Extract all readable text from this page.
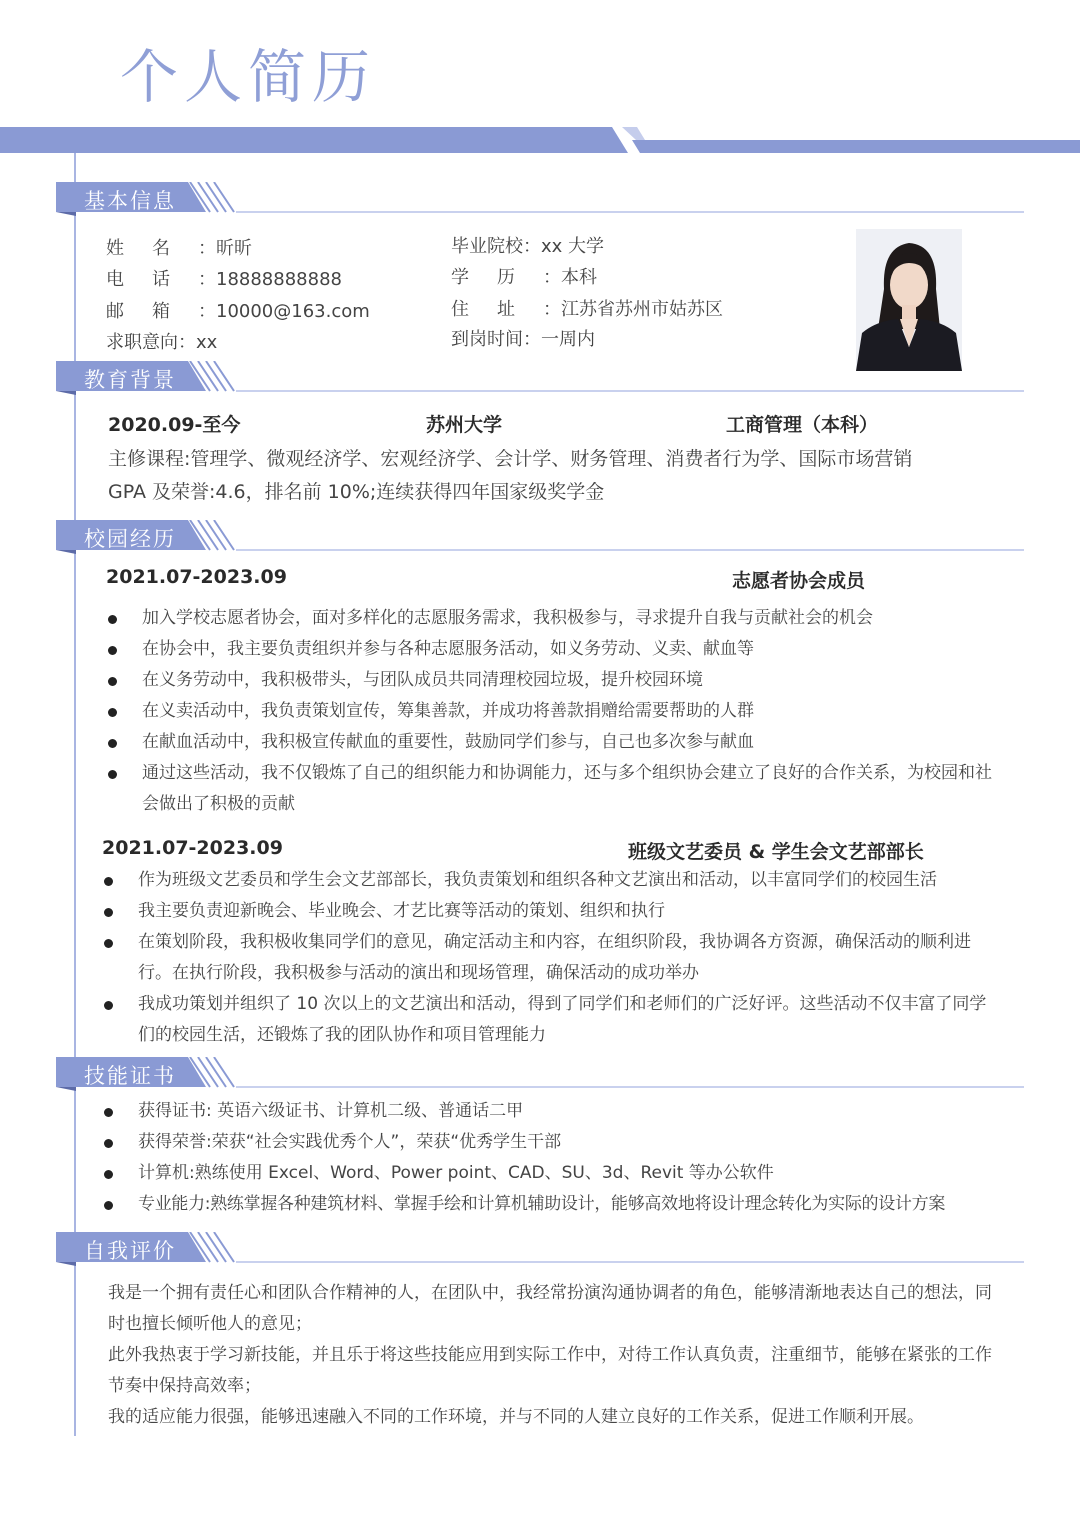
个人简历
基本信息
姓名：昕昕
电话：18888888888
邮箱：10000@163.com
求职意向：xx
毕业院校：xx 大学
学历：本科
住址：江苏省苏州市姑苏区
到岗时间：一周内
教育背景
2020.09-至今	苏州大学	工商管理（本科）
主修课程:管理学、微观经济学、宏观经济学、会计学、财务管理、消费者行为学、国际市场营销
GPA 及荣誉:4.6，排名前 10%;连续获得四年国家级奖学金
校园经历
2021.07-2023.09	志愿者协会成员
加入学校志愿者协会，面对多样化的志愿服务需求，我积极参与，寻求提升自我与贡献社会的机会
在协会中，我主要负责组织并参与各种志愿服务活动，如义务劳动、义卖、献血等
在义务劳动中，我积极带头，与团队成员共同清理校园垃圾，提升校园环境
在义卖活动中，我负责策划宣传，筹集善款，并成功将善款捐赠给需要帮助的人群
在献血活动中，我积极宣传献血的重要性，鼓励同学们参与，自己也多次参与献血
通过这些活动，我不仅锻炼了自己的组织能力和协调能力，还与多个组织协会建立了良好的合作关系，为校园和社会做出了积极的贡献
2021.07-2023.09	班级文艺委员 & 学生会文艺部部长
作为班级文艺委员和学生会文艺部部长，我负责策划和组织各种文艺演出和活动，以丰富同学们的校园生活
我主要负责迎新晚会、毕业晚会、才艺比赛等活动的策划、组织和执行
在策划阶段，我积极收集同学们的意见，确定活动主和内容，在组织阶段，我协调各方资源，确保活动的顺利进行。在执行阶段，我积极参与活动的演出和现场管理，确保活动的成功举办
我成功策划并组织了 10 次以上的文艺演出和活动，得到了同学们和老师们的广泛好评。这些活动不仅丰富了同学们的校园生活，还锻炼了我的团队协作和项目管理能力
技能证书
获得证书: 英语六级证书、计算机二级、普通话二甲
获得荣誉:荣获“社会实践优秀个人”，荣获“优秀学生干部
计算机:熟练使用 Excel、Word、Power point、CAD、SU、3d、Revit 等办公软件
专业能力:熟练掌握各种建筑材料、掌握手绘和计算机辅助设计，能够高效地将设计理念转化为实际的设计方案
自我评价
我是一个拥有责任心和团队合作精神的人，在团队中，我经常扮演沟通协调者的角色，能够清渐地表达自己的想法，同时也擅长倾听他人的意见；
此外我热衷于学习新技能，并且乐于将这些技能应用到实际工作中，对待工作认真负责，注重细节，能够在紧张的工作节奏中保持高效率；
我的适应能力很强，能够迅速融入不同的工作环境，并与不同的人建立良好的工作关系，促进工作顺利开展。
